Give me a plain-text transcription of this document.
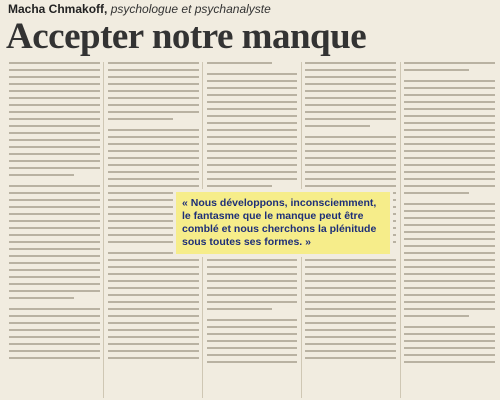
Macha Chmakoff, psychologue et psychanalyste
Accepter notre manque
« Nous développons, inconsciemment, le fantasme que le manque peut être comblé et nous cherchons la plénitude sous toutes ses formes. »
